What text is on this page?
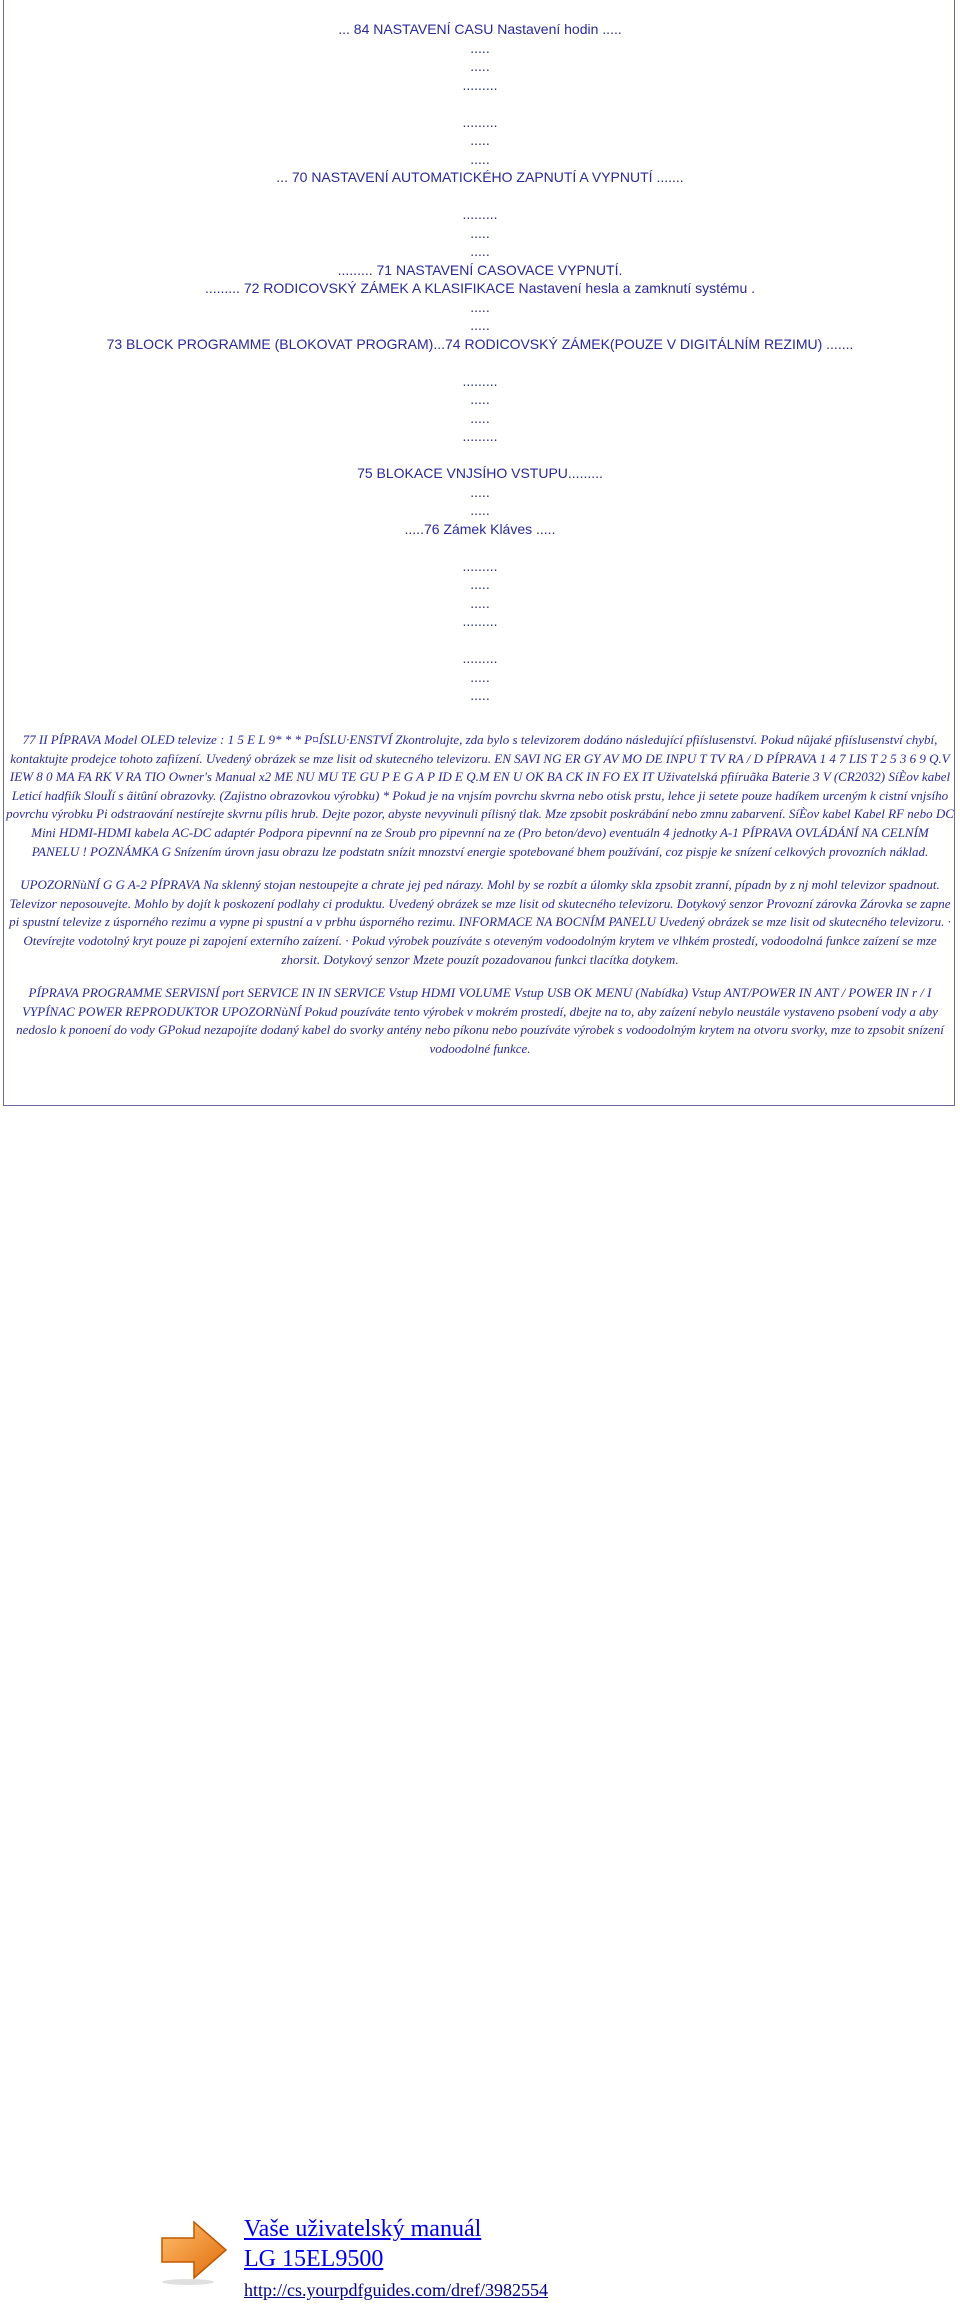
... 84 NASTAVENÍ CASU Nastavení hodin .....
.....
.....
.........
.........
.....
.....
... 70 NASTAVENÍ AUTOMATICKÉHO ZAPNUTÍ A VYPNUTÍ .......
.........
.....
.....
......... 71 NASTAVENÍ CASOVACE VYPNUTÍ.
......... 72 RODICOVSKÝ ZÁMEK A KLASIFIKACE Nastavení hesla a zamknutí systému .
.....
.....
73 BLOCK PROGRAMME (BLOKOVAT PROGRAM)...74 RODICOVSKÝ ZÁMEK(POUZE V DIGITÁLNÍM REZIMU) .......
.........
.....
.....
.........
75 BLOKACE VNJSÍHO VSTUPU.........
.....
.....
.....76 Zámek Kláves .....
.........
.....
.....
.........
.........
.....
.....

77 II PÍPRAVA Model OLED televize : 1 5 E L 9* * * P¤ÍSLU·ENSTVÍ Zkontrolujte, zda bylo s televizorem dodáno následující pfiíslusenství. Pokud nûjaké pfiíslusenství chybí, kontaktujte prodejce tohoto zafiízení. Uvedený obrázek se mze lisit od skutecného televizoru. EN SAVI NG ER GY AV MO DE INPU T TV RA / D PÍPRAVA 1 4 7 LIS T 2 5 3 6 9 Q.V IEW 8 0 MA FA RK V RA TIO Owner's Manual x2 ME NU MU TE GU P E G A P ID E Q.M EN U OK BA CK IN FO EX IT Uživatelská pfiíruãka Baterie 3 V (CR2032) SíÈov kabel Leticí hadfiík SlouÏí s ãitûní obrazovky. (Zajistno obrazovkou výrobku) * Pokud je na vnjsím povrchu skvrna nebo otisk prstu, lehce ji setete pouze hadíkem urceným k cistní vnjsího povrchu výrobku Pi odstraování nestírejte skvrnu pílis hrub. Dejte pozor, abyste nevyvinuli pílisný tlak. Mze zpsobit poskrábání nebo zmnu zabarvení. SíÈov kabel Kabel RF nebo DC Mini HDMI-HDMI kabela AC-DC adaptér Podpora pipevnní na ze Sroub pro pipevnní na ze (Pro beton/devo) eventuáln 4 jednotky A-1 PÍPRAVA OVLÁDÁNÍ NA CELNÍM PANELU ! POZNÁMKA G Snízením úrovn jasu obrazu lze podstatn snízit mnozství energie spotebované bhem používání, coz pispje ke snízení celkových provozních náklad.

UPOZORNùNÍ G G A-2 PÍPRAVA Na sklenný stojan nestoupejte a chrate jej ped nárazy. Mohl by se rozbít a úlomky skla zpsobit zranní, pípadn by z nj mohl televizor spadnout. Televizor neposouvejte. Mohlo by dojít k poskození podlahy ci produktu. Uvedený obrázek se mze lisit od skutecného televizoru. Dotykový senzor Provozní zárovka Zárovka se zapne pi spustní televize z úsporného rezimu a vypne pi spustní a v prbhu úsporného rezimu. INFORMACE NA BOCNÍM PANELU Uvedený obrázek se mze lisit od skutecného televizoru. · Otevírejte vodotolný kryt pouze pi zapojení externího zaízení. · Pokud výrobek pouzíváte s oteveným vodoodolným krytem ve vlhkém prostedí, vodoodolná funkce zaízení se mze zhorsit. Dotykový senzor Mzete pouzít pozadovanou funkci tlacítka dotykem.

PÍPRAVA PROGRAMME SERVISNÍ port SERVICE IN IN SERVICE Vstup HDMI VOLUME Vstup USB OK MENU (Nabídka) Vstup ANT/POWER IN ANT / POWER IN r / I VYPÍNAC POWER REPRODUKTOR UPOZORNùNÍ Pokud pouzíváte tento výrobek v mokrém prostedí, dbejte na to, aby zaízení nebylo neustále vystaveno psobení vody a aby nedoslo k ponoení do vody GPokud nezapojíte dodaný kabel do svorky antény nebo píkonu nebo pouzíváte výrobek s vodoodolným krytem na otvoru svorky, mze to zpsobit snízení vodoodolné funkce.

Vaše uživatelský manuál
LG 15EL9500
http://cs.yourpdfguides.com/dref/3982554
